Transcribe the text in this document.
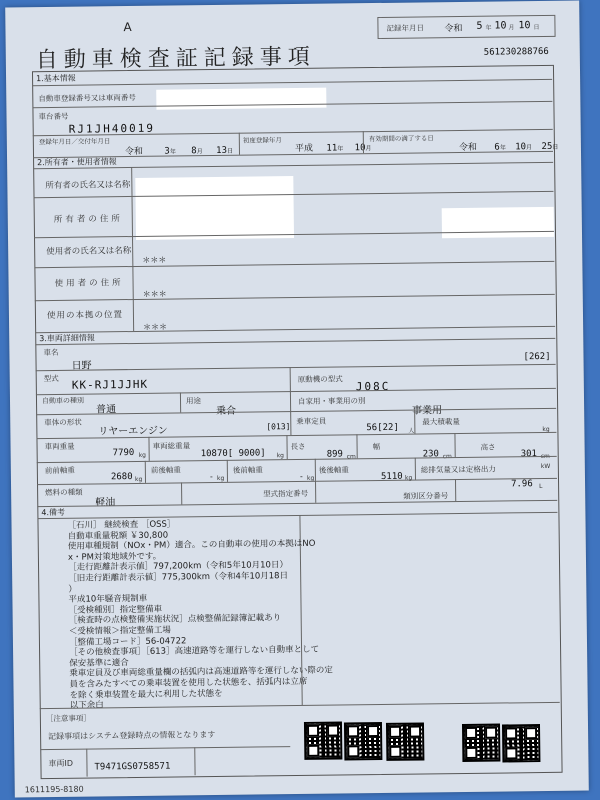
A
自動車検査証記録事項
記録年月日 令和 5 年 10 月 10 日
561230288766
1.基本情報
自動車登録番号又は車両番号
車台番号
RJ1JH40019
登録年月日／交付年月日
令和 3年 8月 13日
初度登録年月
平成 11年 10月
有効期間の満了する日
令和 6年 10月 25日
2.所有者・使用者情報
所有者の氏名又は名称
所有者の住所
使用者の氏名又は名称
＊＊＊
使用者の住所
＊＊＊
使用の本拠の位置
＊＊＊
3.車両詳細情報
車名
日野
[262]
型式 KK-RJ1JJHK	原動機の型式
J08C
自動車の種別
普通
用途
乗合
自家用・事業用の別
事業用
車体の形状
リヤーエンジン	[013]
乗車定員
56[22] 人
最大積載量
kg
車両重量
7790 kg
車両総重量
10870[ 9000] kg
長さ
899 cm
幅
230 cm
高さ
301 cm
前前軸重
2680 kg
前後軸重
- kg
後前軸重
- kg
後後軸重
5110 kg
総排気量又は定格出力	kW
7.96 L
燃料の種類
軽油
型式指定番号	類別区分番号
4.備考
［石川］ 継続検査 ［OSS］
自動車重量税額 ￥30,800
使用車種規制（NOx・PM）適合。この自動車の使用の本拠はNO
x・PM対策地域外です。
［走行距離計表示値］797,200km（令和5年10月10日）
［旧走行距離計表示値］775,300km（令和4年10月18日
）
平成10年騒音規制車
［受検種別］指定整備車
［検査時の点検整備実施状況］点検整備記録簿記載あり
＜受検情報＞指定整備工場
［整備工場コード］56-04722
［その他検査事項］［613］高速道路等を運行しない自動車として
保安基準に適合
乗車定員及び車両総重量欄の括弧内は高速道路等を運行しない際の定
員を含みたすべての乗車装置を使用した状態を、括弧内は立席
を除く乗車装置を最大に利用した状態を
以下余白
［注意事項］
記録事項はシステム登録時点の情報となります
車両ID T9471GS0758571
1611195-8180
